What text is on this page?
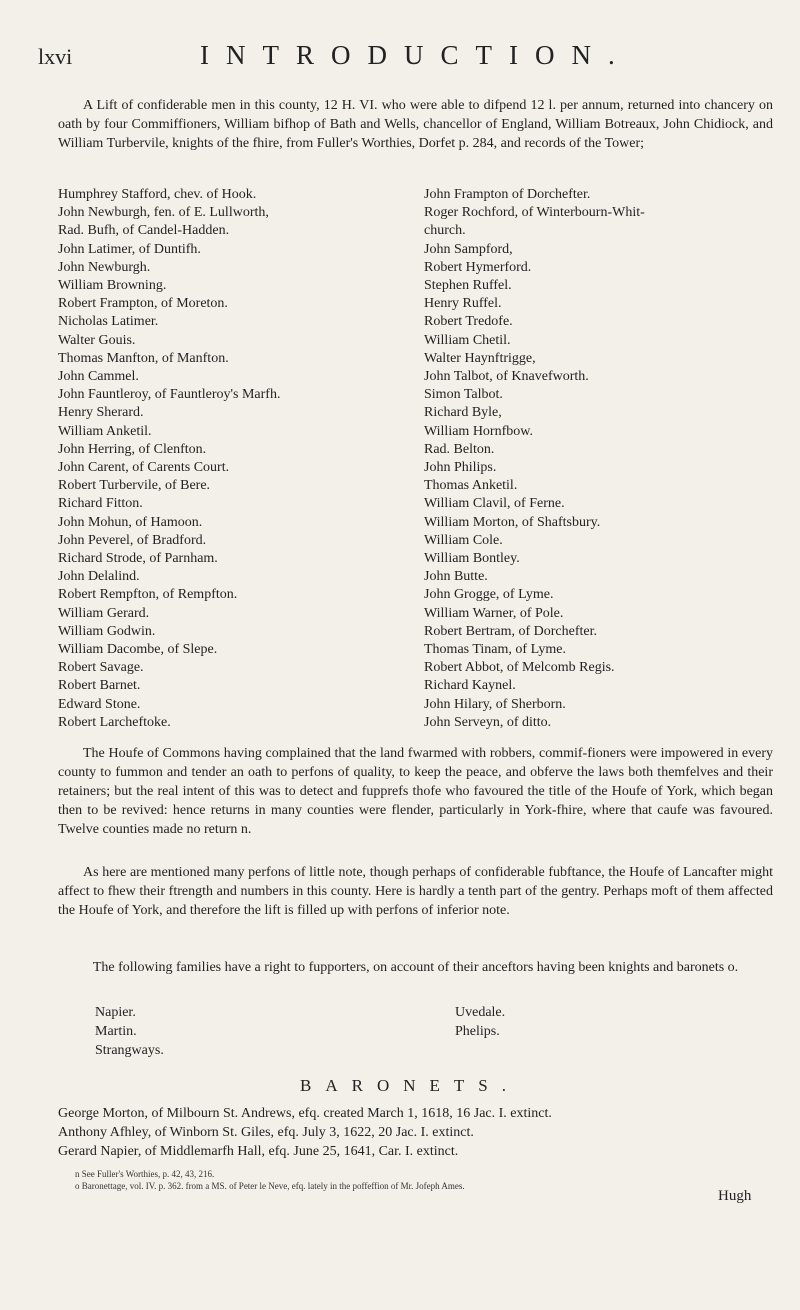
lxvi	INTRODUCTION.
A Lift of confiderable men in this county, 12 H. VI. who were able to difpend 12 l. per annum, returned into chancery on oath by four Commiffioners, William bifhop of Bath and Wells, chancellor of England, William Botreaux, John Chidiock, and William Turbervile, knights of the fhire, from Fuller's Worthies, Dorfet p. 284, and records of the Tower;
Humphrey Stafford, chev. of Hook.
John Newburgh, fen. of E. Lullworth,
Rad. Bufh, of Candel-Hadden.
John Latimer, of Duntifh.
John Newburgh.
William Browning.
Robert Frampton, of Moreton.
Nicholas Latimer.
Walter Gouis.
Thomas Manfton, of Manfton.
John Cammel.
John Fauntleroy, of Fauntleroy's Marfh.
Henry Sherard.
William Anketil.
John Herring, of Clenfton.
John Carent, of Carents Court.
Robert Turbervile, of Bere.
Richard Fitton.
John Mohun, of Hamoon.
John Peverel, of Bradford.
Richard Strode, of Parnham.
John Delalind.
Robert Rempfton, of Rempfton.
William Gerard.
William Godwin.
William Dacombe, of Slepe.
Robert Savage.
Robert Barnet.
Edward Stone.
Robert Larcheftoke.
John Frampton of Dorchefter.
Roger Rochford, of Winterbourn-Whit-
church.
John Sampford,
Robert Hymerford.
Stephen Ruffel.
Henry Ruffel.
Robert Tredofe.
William Chetil.
Walter Haynftrigge,
John Talbot, of Knavefworth.
Simon Talbot.
Richard Byle,
William Hornfbow.
Rad. Belton.
John Philips.
Thomas Anketil.
William Clavil, of Ferne.
William Morton, of Shaftsbury.
William Cole.
William Bontley.
John Butte.
John Grogge, of Lyme.
William Warner, of Pole.
Robert Bertram, of Dorchefter.
Thomas Tinam, of Lyme.
Robert Abbot, of Melcomb Regis.
Richard Kaynel.
John Hilary, of Sherborn.
John Serveyn, of ditto.
The Houfe of Commons having complained that the land fwarmed with robbers, commif-fioners were impowered in every county to fummon and tender an oath to perfons of quality, to keep the peace, and obferve the laws both themfelves and their retainers; but the real intent of this was to detect and fupprefs thofe who favoured the title of the Houfe of York, which began then to be revived: hence returns in many counties were flender, particularly in York-fhire, where that caufe was favoured. Twelve counties made no return n.
As here are mentioned many perfons of little note, though perhaps of confiderable fubftance, the Houfe of Lancafter might affect to fhew their ftrength and numbers in this county. Here is hardly a tenth part of the gentry. Perhaps moft of them affected the Houfe of York, and therefore the lift is filled up with perfons of inferior note.
The following families have a right to fupporters, on account of their anceftors having been knights and baronets o.
Napier.
Martin.
Strangways.
Uvedale.
Phelips.
BARONETS.
George Morton, of Milbourn St. Andrews, efq. created March 1, 1618, 16 Jac. I. extinct.
Anthony Afhley, of Winborn St. Giles, efq. July 3, 1622, 20 Jac. I. extinct.
Gerard Napier, of Middlemarfh Hall, efq. June 25, 1641, Car. I. extinct.
n See Fuller's Worthies, p. 42, 43, 216.
o Baronettage, vol. IV. p. 362. from a MS. of Peter le Neve, efq. lately in the poffeffion of Mr. Jofeph Ames.
Hugh
